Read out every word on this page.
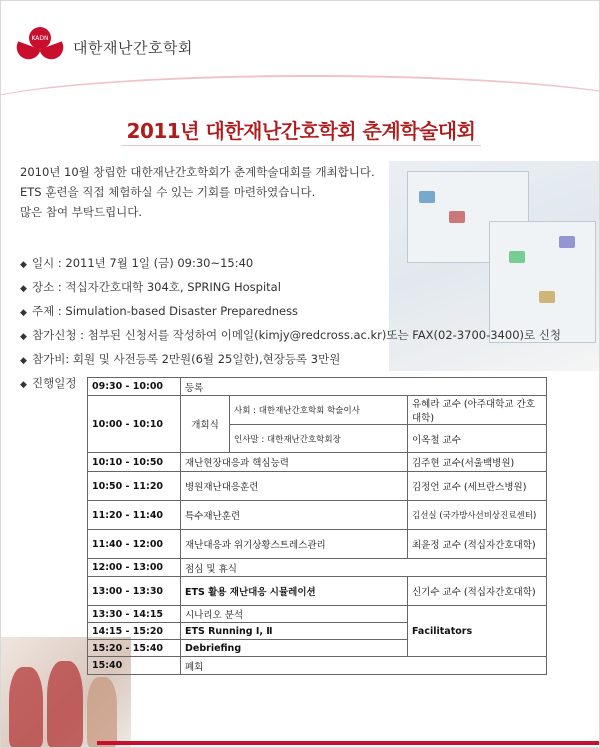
KADN
대한재난간호학회
2011년 대한재난간호학회 춘계학술대회
2010년 10월 창립한 대한재난간호학회가 춘계학술대회를 개최합니다.
ETS 훈련을 직접 체험하실 수 있는 기회를 마련하였습니다.
많은 참여 부탁드립니다.
◆ 일시 : 2011년 7월 1일 (금) 09:30~15:40
◆ 장소 : 적십자간호대학 304호, SPRING Hospital
◆ 주제 : Simulation-based Disaster Preparedness
◆ 참가신청 : 첨부된 신청서를 작성하여 이메일(kimjy@redcross.ac.kr)또는 FAX(02-3700-3400)로 신청
◆ 참가비: 회원 및 사전등록 2만원(6월 25일한),현장등록 3만원
◆ 진행일정	09:30 - 10:00	등록		
10:00 - 10:10	개회식	사회 : 대한재난간호학회 학술이사	유혜라 교수 (아주대학교 간호대학)
		인사말 : 대한재난간호학회장	이옥철 교수
10:10 - 10:50	재난현장대응과 핵심능력		김주현 교수(서울백병원)
10:50 - 11:20	병원재난대응훈련		김정언 교수 (세브란스병원)
11:20 - 11:40	특수재난훈련		김선실 (국가방사선비상진료센터)
11:40 - 12:00	재난대응과 위기상황스트레스관리		최윤정 교수 (적십자간호대학)
12:00 - 13:00	점심 및 휴식		
13:00 - 13:30	ETS 활용 재난대응 시뮬레이션		신기수 교수 (적십자간호대학)
13:30 - 14:15	시나리오 분석		Facilitators
14:15 - 15:20	ETS Running Ⅰ, Ⅱ		
15:20 - 15:40	Debriefing		
15:40	폐회		
